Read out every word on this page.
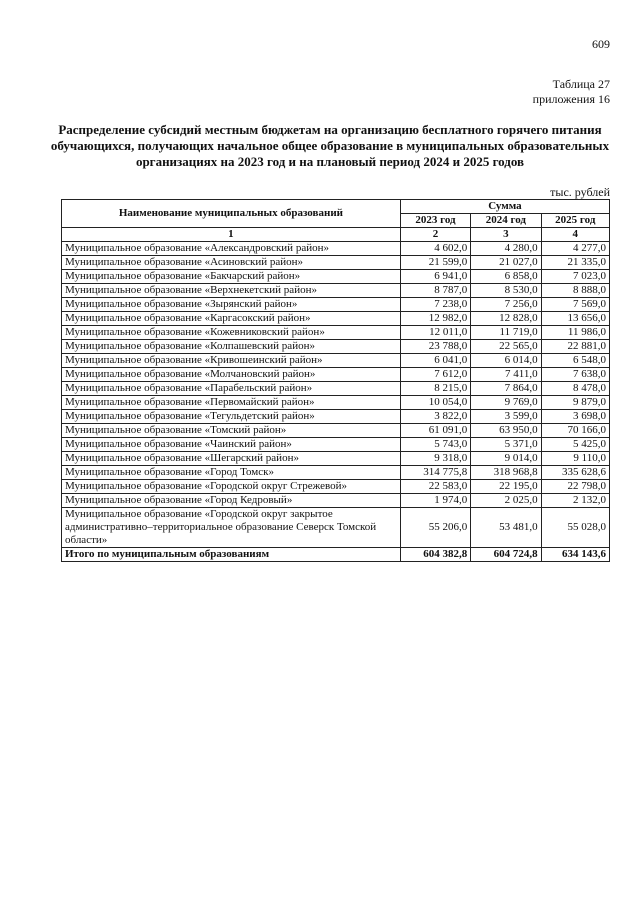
609
Таблица 27
приложения 16
Распределение субсидий местным бюджетам на организацию бесплатного горячего питания обучающихся, получающих начальное общее образование в муниципальных образовательных организациях на 2023 год и на плановый период 2024 и 2025 годов
тыс. рублей
Наименование муниципальных образований	Сумма		
	2023 год	2024 год	2025 год
1	2	3	4
Муниципальное образование «Александровский район»	4 602,0	4 280,0	4 277,0
Муниципальное образование «Асиновский район»	21 599,0	21 027,0	21 335,0
Муниципальное образование «Бакчарский район»	6 941,0	6 858,0	7 023,0
Муниципальное образование «Верхнекетский район»	8 787,0	8 530,0	8 888,0
Муниципальное образование «Зырянский район»	7 238,0	7 256,0	7 569,0
Муниципальное образование «Каргасокский район»	12 982,0	12 828,0	13 656,0
Муниципальное образование «Кожевниковский район»	12 011,0	11 719,0	11 986,0
Муниципальное образование «Колпашевский район»	23 788,0	22 565,0	22 881,0
Муниципальное образование «Кривошеинский район»	6 041,0	6 014,0	6 548,0
Муниципальное образование «Молчановский район»	7 612,0	7 411,0	7 638,0
Муниципальное образование «Парабельский район»	8 215,0	7 864,0	8 478,0
Муниципальное образование «Первомайский район»	10 054,0	9 769,0	9 879,0
Муниципальное образование «Тегульдетский район»	3 822,0	3 599,0	3 698,0
Муниципальное образование «Томский район»	61 091,0	63 950,0	70 166,0
Муниципальное образование «Чаинский район»	5 743,0	5 371,0	5 425,0
Муниципальное образование «Шегарский район»	9 318,0	9 014,0	9 110,0
Муниципальное образование «Город Томск»	314 775,8	318 968,8	335 628,6
Муниципальное образование «Городской округ Стрежевой»	22 583,0	22 195,0	22 798,0
Муниципальное образование «Город Кедровый»	1 974,0	2 025,0	2 132,0
Муниципальное образование «Городской округ закрытое административно–территориальное образование Северск Томской области»	55 206,0	53 481,0	55 028,0
Итого по муниципальным образованиям	604 382,8	604 724,8	634 143,6
